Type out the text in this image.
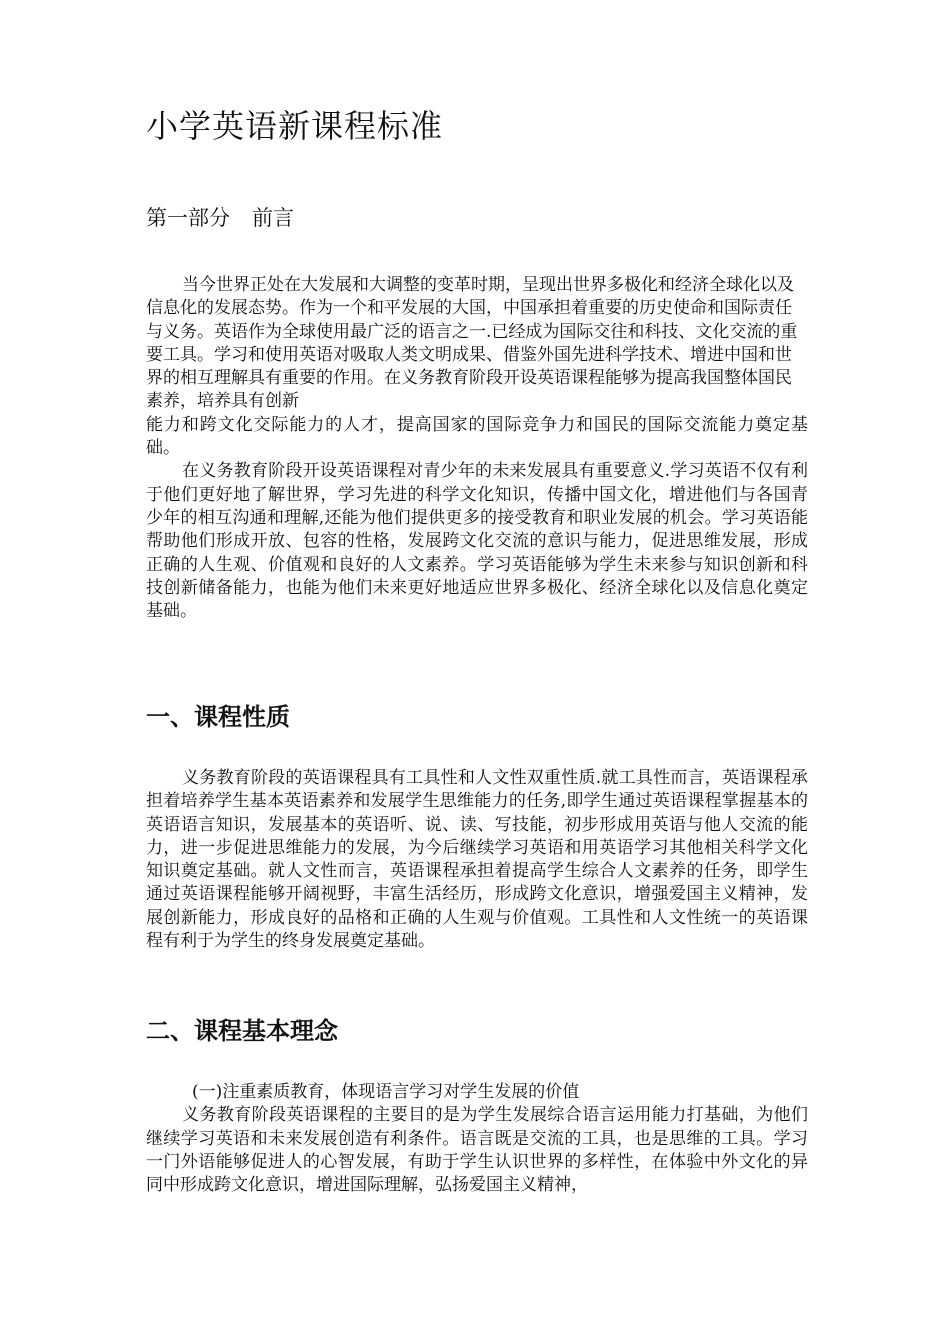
小学英语新课程标准
第一部分 前言

当今世界正处在大发展和大调整的变革时期，呈现出世界多极化和经济全球化以及信息化的发展态势。作为一个和平发展的大国，中国承担着重要的历史使命和国际责任与义务。英语作为全球使用最广泛的语言之一.已经成为国际交往和科技、文化交流的重要工具。学习和使用英语对吸取人类文明成果、借鉴外国先进科学技术、增进中国和世界的相互理解具有重要的作用。在义务教育阶段开设英语课程能够为提高我国整体国民素养，培养具有创新

能力和跨文化交际能力的人才，提高国家的国际竞争力和国民的国际交流能力奠定基础。

在义务教育阶段开设英语课程对青少年的未来发展具有重要意义.学习英语不仅有利于他们更好地了解世界，学习先进的科学文化知识，传播中国文化，增进他们与各国青少年的相互沟通和理解,还能为他们提供更多的接受教育和职业发展的机会。学习英语能帮助他们形成开放、包容的性格，发展跨文化交流的意识与能力，促进思维发展，形成正确的人生观、价值观和良好的人文素养。学习英语能够为学生未来参与知识创新和科技创新储备能力，也能为他们未来更好地适应世界多极化、经济全球化以及信息化奠定基础。

一、课程性质

义务教育阶段的英语课程具有工具性和人文性双重性质.就工具性而言，英语课程承担着培养学生基本英语素养和发展学生思维能力的任务,即学生通过英语课程掌握基本的英语语言知识，发展基本的英语听、说、读、写技能，初步形成用英语与他人交流的能力，进一步促进思维能力的发展，为今后继续学习英语和用英语学习其他相关科学文化知识奠定基础。就人文性而言，英语课程承担着提高学生综合人文素养的任务，即学生通过英语课程能够开阔视野，丰富生活经历，形成跨文化意识，增强爱国主义精神，发展创新能力，形成良好的品格和正确的人生观与价值观。工具性和人文性统一的英语课程有利于为学生的终身发展奠定基础。

二、课程基本理念

(一)注重素质教育，体现语言学习对学生发展的价值

义务教育阶段英语课程的主要目的是为学生发展综合语言运用能力打基础，为他们继续学习英语和未来发展创造有利条件。语言既是交流的工具，也是思维的工具。学习一门外语能够促进人的心智发展，有助于学生认识世界的多样性，在体验中外文化的异同中形成跨文化意识，增进国际理解，弘扬爱国主义精神，
